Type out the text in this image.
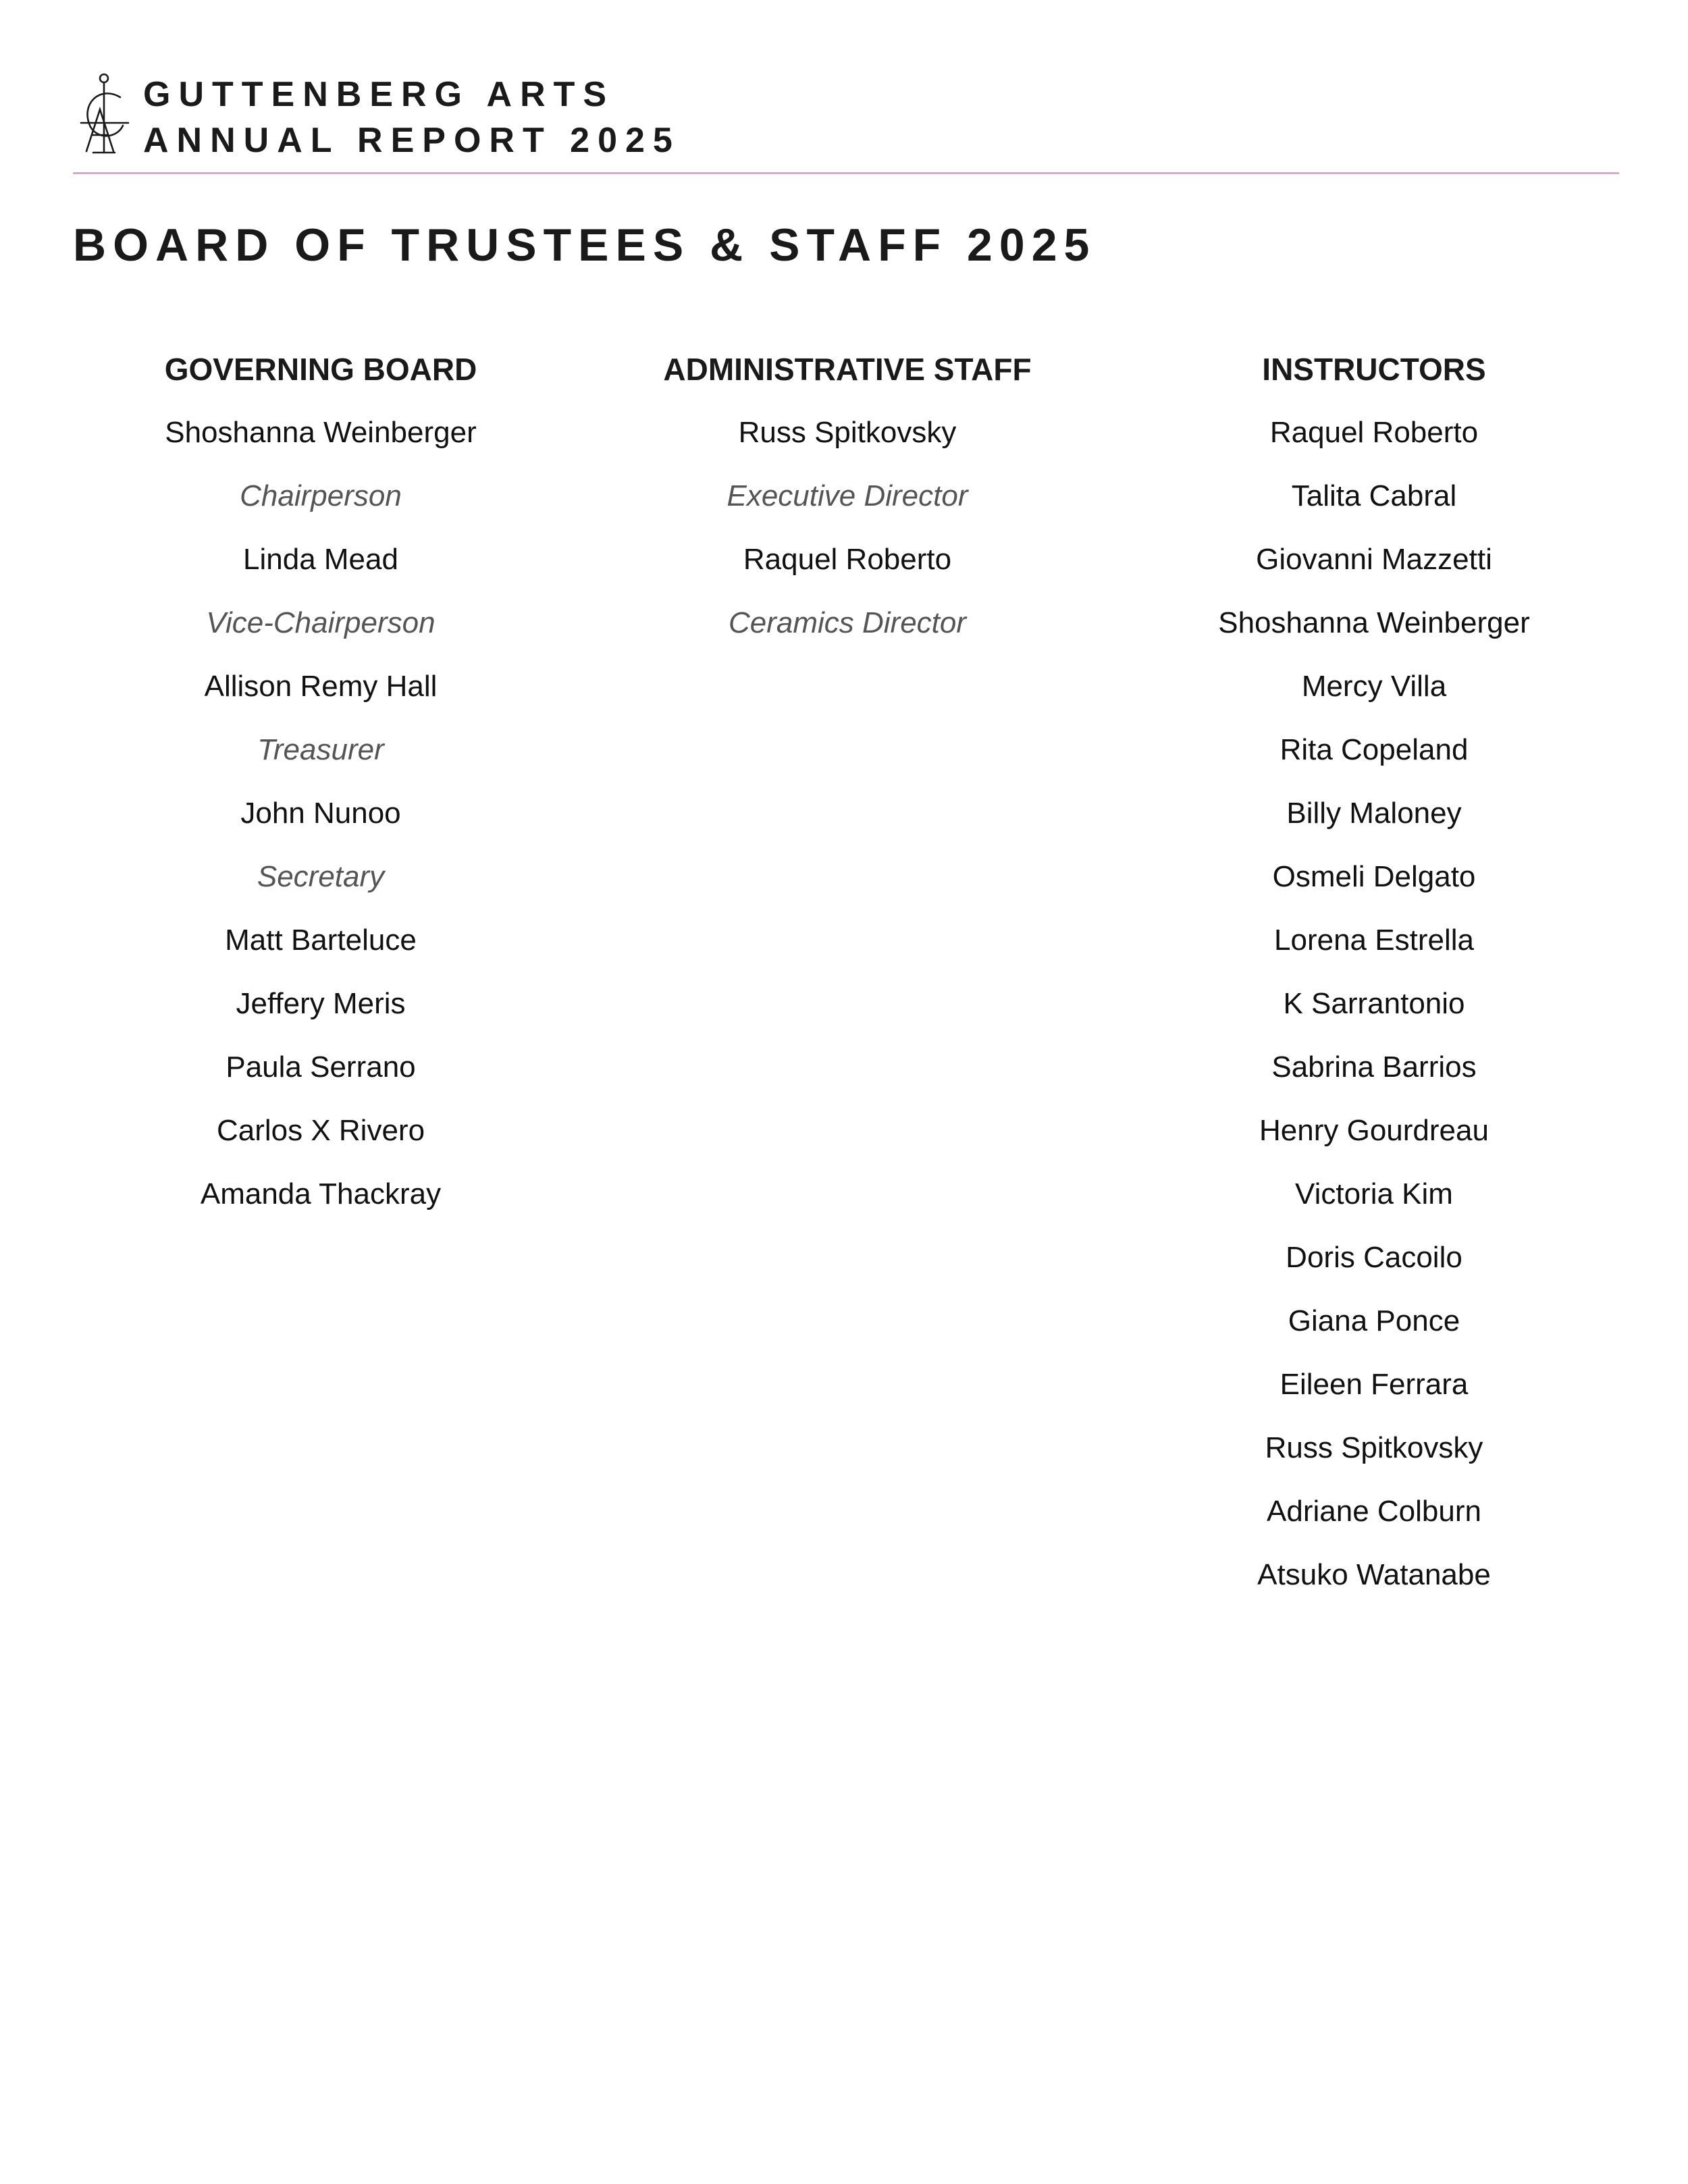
GUTTENBERG ARTS
ANNUAL REPORT 2025
BOARD OF TRUSTEES & STAFF 2025
GOVERNING BOARD
Shoshanna Weinberger
Chairperson
Linda Mead
Vice-Chairperson
Allison Remy Hall
Treasurer
John Nunoo
Secretary
Matt Barteluce
Jeffery Meris
Paula Serrano
Carlos X Rivero
Amanda Thackray
ADMINISTRATIVE STAFF
Russ Spitkovsky
Executive Director
Raquel Roberto
Ceramics Director
INSTRUCTORS
Raquel Roberto
Talita Cabral
Giovanni Mazzetti
Shoshanna Weinberger
Mercy Villa
Rita Copeland
Billy Maloney
Osmeli Delgato
Lorena Estrella
K Sarrantonio
Sabrina Barrios
Henry Gourdreau
Victoria Kim
Doris Cacoilo
Giana Ponce
Eileen Ferrara
Russ Spitkovsky
Adriane Colburn
Atsuko Watanabe
